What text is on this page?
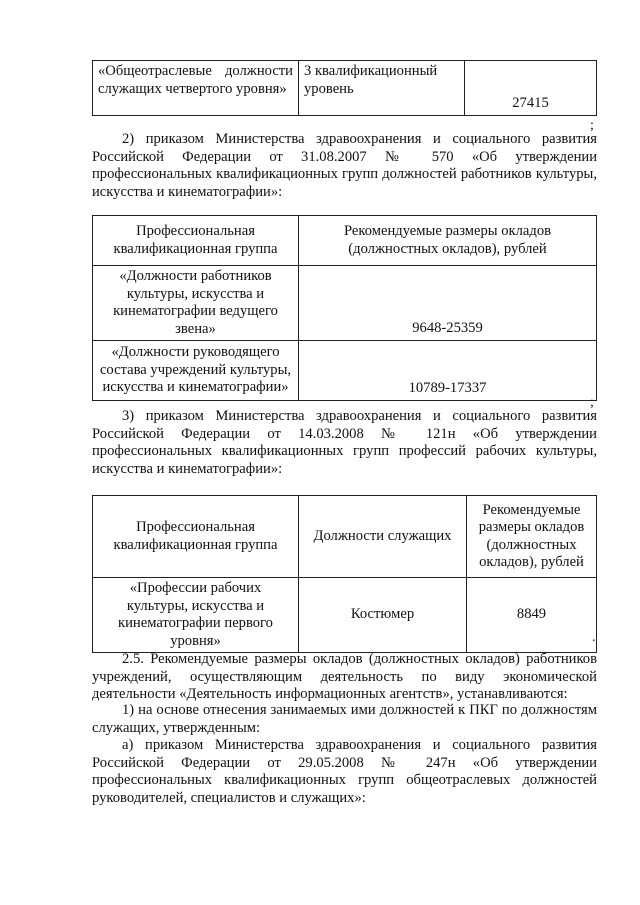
«Общеотраслевые должности служащих четвертого уровня»	3 квалификационный уровень	27415
;

2) приказом Министерства здравоохранения и социального развития Российской Федерации от 31.08.2007 № 570 «Об утверждении профессиональных квалификационных групп должностей работников культуры, искусства и кинематографии»:

Профессиональная квалификационная группа	Рекомендуемые размеры окладов (должностных окладов), рублей
«Должности работников культуры, искусства и кинематографии ведущего звена»	9648-25359
«Должности руководящего состава учреждений культуры, искусства и кинематографии»	10789-17337
;

3) приказом Министерства здравоохранения и социального развития Российской Федерации от 14.03.2008 № 121н «Об утверждении профессиональных квалификационных групп профессий рабочих культуры, искусства и кинематографии»:

Профессиональная квалификационная группа	Должности служащих	Рекомендуемые размеры окладов (должностных окладов), рублей
«Профессии рабочих культуры, искусства и кинематографии первого уровня»	Костюмер	8849
.

2.5. Рекомендуемые размеры окладов (должностных окладов) работников учреждений, осуществляющим деятельность по виду экономической деятельности «Деятельность информационных агентств», устанавливаются:

1) на основе отнесения занимаемых ими должностей к ПКГ по должностям служащих, утвержденным:

а) приказом Министерства здравоохранения и социального развития Российской Федерации от 29.05.2008 № 247н «Об утверждении профессиональных квалификационных групп общеотраслевых должностей руководителей, специалистов и служащих»:
